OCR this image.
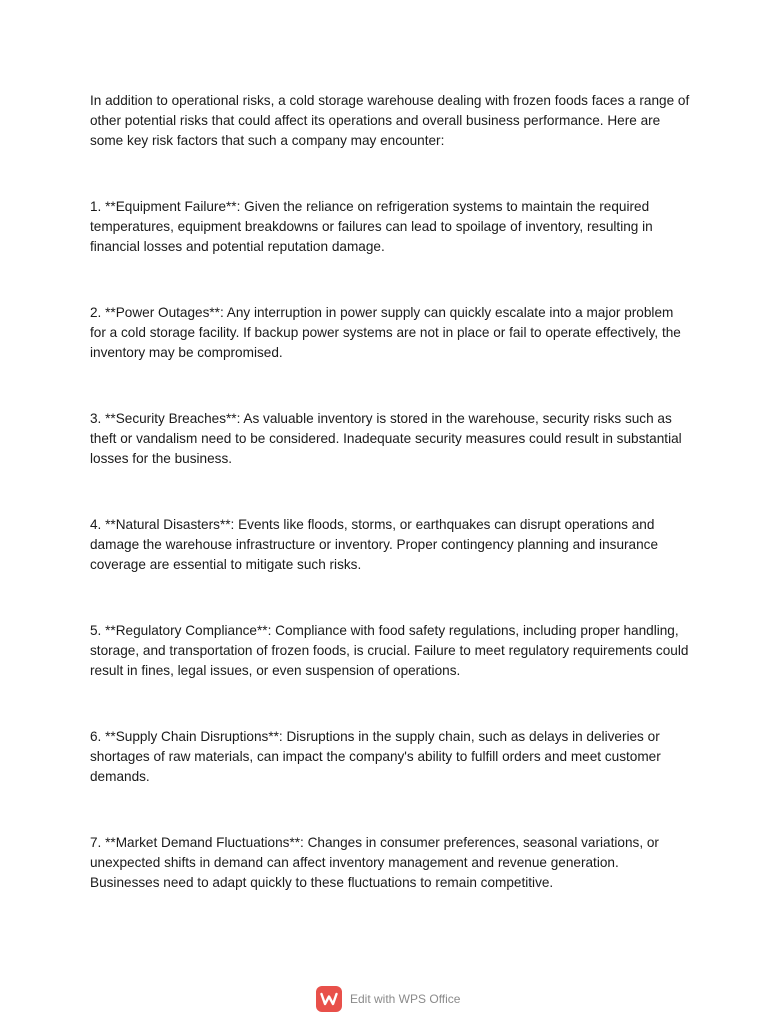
In addition to operational risks, a cold storage warehouse dealing with frozen foods faces a range of other potential risks that could affect its operations and overall business performance. Here are some key risk factors that such a company may encounter:

1. **Equipment Failure**: Given the reliance on refrigeration systems to maintain the required temperatures, equipment breakdowns or failures can lead to spoilage of inventory, resulting in financial losses and potential reputation damage.

2. **Power Outages**: Any interruption in power supply can quickly escalate into a major problem for a cold storage facility. If backup power systems are not in place or fail to operate effectively, the inventory may be compromised.

3. **Security Breaches**: As valuable inventory is stored in the warehouse, security risks such as theft or vandalism need to be considered. Inadequate security measures could result in substantial losses for the business.

4. **Natural Disasters**: Events like floods, storms, or earthquakes can disrupt operations and damage the warehouse infrastructure or inventory. Proper contingency planning and insurance coverage are essential to mitigate such risks.

5. **Regulatory Compliance**: Compliance with food safety regulations, including proper handling, storage, and transportation of frozen foods, is crucial. Failure to meet regulatory requirements could result in fines, legal issues, or even suspension of operations.

6. **Supply Chain Disruptions**: Disruptions in the supply chain, such as delays in deliveries or shortages of raw materials, can impact the company's ability to fulfill orders and meet customer demands.

7. **Market Demand Fluctuations**: Changes in consumer preferences, seasonal variations, or unexpected shifts in demand can affect inventory management and revenue generation. Businesses need to adapt quickly to these fluctuations to remain competitive.

Edit with WPS Office
